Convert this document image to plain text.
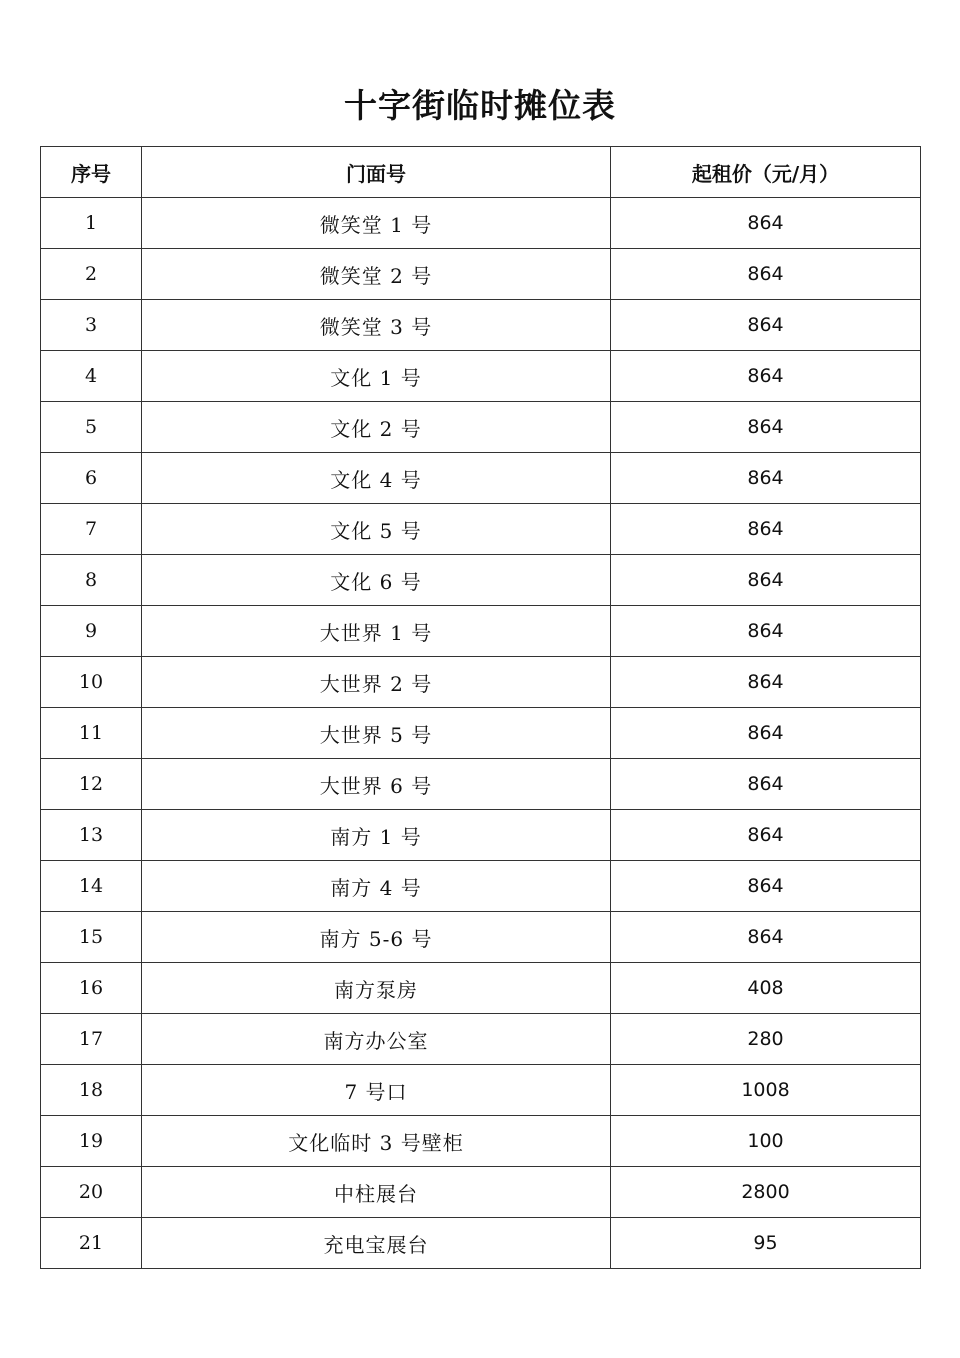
十字街临时摊位表
序号	门面号	起租价（元/月）
1	微笑堂 1 号	864
2	微笑堂 2 号	864
3	微笑堂 3 号	864
4	文化 1 号	864
5	文化 2 号	864
6	文化 4 号	864
7	文化 5 号	864
8	文化 6 号	864
9	大世界 1 号	864
10	大世界 2 号	864
11	大世界 5 号	864
12	大世界 6 号	864
13	南方 1 号	864
14	南方 4 号	864
15	南方 5-6 号	864
16	南方泵房	408
17	南方办公室	280
18	7 号口	1008
19	文化临时 3 号壁柜	100
20	中柱展台	2800
21	充电宝展台	95
